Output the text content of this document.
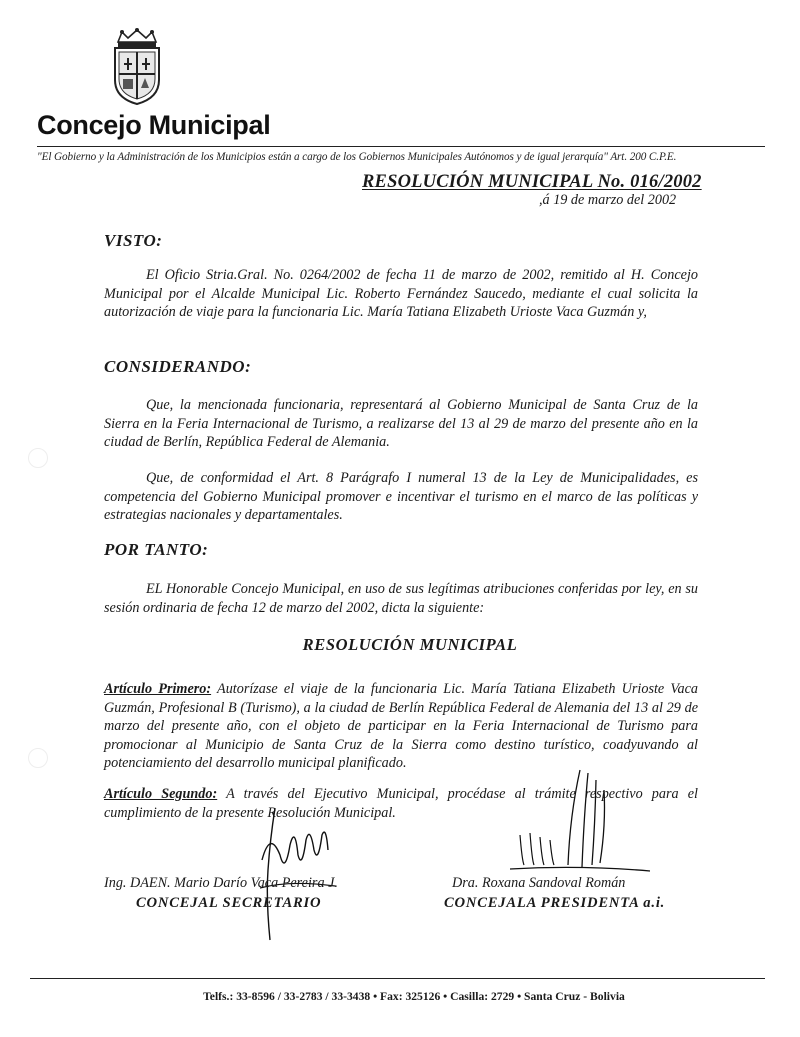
Concejo Municipal
"El Gobierno y la Administración de los Municipios están a cargo de los Gobiernos Municipales Autónomos y de igual jerarquía" Art. 200 C.P.E.
RESOLUCIÓN MUNICIPAL No. 016/2002
,á 19 de marzo del 2002
VISTO:
El Oficio Stria.Gral. No. 0264/2002 de fecha 11 de marzo de 2002, remitido al H. Concejo Municipal por el Alcalde Municipal Lic. Roberto Fernández Saucedo, mediante el cual solicita la autorización de viaje para la funcionaria Lic. María Tatiana Elizabeth Urioste Vaca Guzmán y,
CONSIDERANDO:
Que, la mencionada funcionaria, representará al Gobierno Municipal de Santa Cruz de la Sierra en la Feria Internacional de Turismo, a realizarse del 13 al 29 de marzo del presente año en la ciudad de Berlín, República Federal de Alemania.
Que, de conformidad el Art. 8 Parágrafo I numeral 13 de la Ley de Municipalidades, es competencia del Gobierno Municipal promover e incentivar el turismo en el marco de las políticas y estrategias nacionales y departamentales.
POR TANTO:
EL Honorable Concejo Municipal, en uso de sus legítimas atribuciones conferidas por ley, en su sesión ordinaria de fecha 12 de marzo del 2002, dicta la siguiente:
RESOLUCIÓN MUNICIPAL
Artículo Primero: Autorízase el viaje de la funcionaria Lic. María Tatiana Elizabeth Urioste Vaca Guzmán, Profesional B (Turismo), a la ciudad de Berlín República Federal de Alemania del 13 al 29 de marzo del presente año, con el objeto de participar en la Feria Internacional de Turismo para promocionar al Municipio de Santa Cruz de la Sierra como destino turístico, coadyuvando al potenciamiento del desarrollo municipal planificado.
Artículo Segundo: A través del Ejecutivo Municipal, procédase al trámite respectivo para el cumplimiento de la presente Resolución Municipal.
Ing. DAEN. Mario Darío Vaca Pereira J.
CONCEJAL SECRETARIO
Dra. Roxana Sandoval Román
CONCEJALA PRESIDENTA a.i.
Telfs.: 33-8596 / 33-2783 / 33-3438 • Fax: 325126 • Casilla: 2729 • Santa Cruz - Bolivia
